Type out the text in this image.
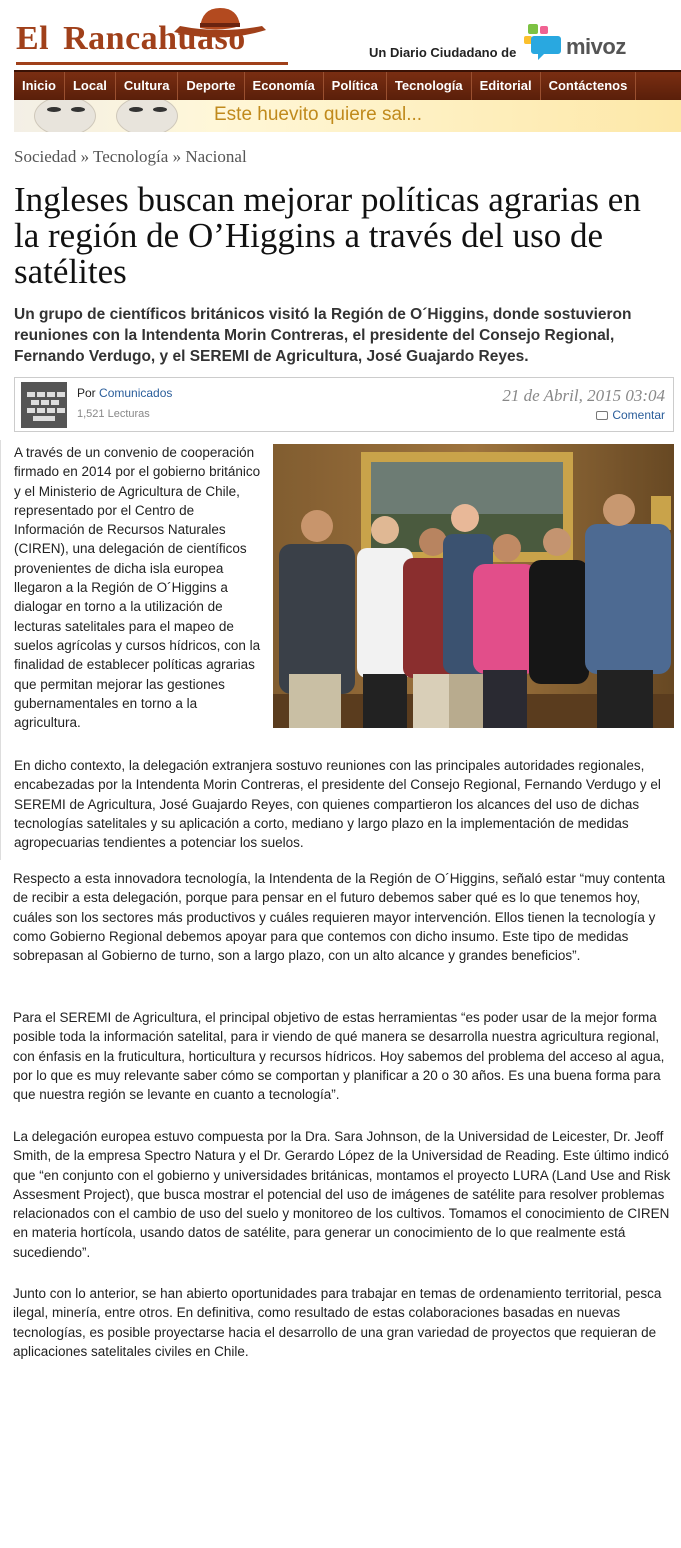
El Rancahuaso	Un Diario Ciudadano de mivoz
Inicio	Local	Cultura	Deporte	Economía	Política	Tecnología	Editorial	Contáctenos
Este huevito quiere sal...
Sociedad » Tecnología » Nacional
Ingleses buscan mejorar políticas agrarias en la región de O’Higgins a través del uso de satélites
Un grupo de científicos británicos visitó la Región de O´Higgins, donde sostuvieron reuniones con la Intendenta Morin Contreras, el presidente del Consejo Regional, Fernando Verdugo, y el SEREMI de Agricultura, José Guajardo Reyes.
Por Comunicados
1,521 Lecturas
21 de Abril, 2015 03:04
Comentar
A través de un convenio de cooperación firmado en 2014 por el gobierno británico y el Ministerio de Agricultura de Chile, representado por el Centro de Información de Recursos Naturales (CIREN), una delegación de científicos provenientes de dicha isla europea llegaron a la Región de O´Higgins a dialogar en torno a la utilización de lecturas satelitales para el mapeo de suelos agrícolas y cursos hídricos, con la finalidad de establecer políticas agrarias que permitan mejorar las gestiones gubernamentales en torno a la agricultura.
En dicho contexto, la delegación extranjera sostuvo reuniones con las principales autoridades regionales, encabezadas por la Intendenta Morin Contreras, el presidente del Consejo Regional, Fernando Verdugo y el SEREMI de Agricultura, José Guajardo Reyes, con quienes compartieron los alcances del uso de dichas tecnologías satelitales y su aplicación a corto, mediano y largo plazo en la implementación de medidas agropecuarias tendientes a potenciar los suelos.
Respecto a esta innovadora tecnología, la Intendenta de la Región de O´Higgins, señaló estar “muy contenta de recibir a esta delegación, porque para pensar en el futuro debemos saber qué es lo que tenemos hoy, cuáles son los sectores más productivos y cuáles requieren mayor intervención. Ellos tienen la tecnología y como Gobierno Regional debemos apoyar para que contemos con dicho insumo. Este tipo de medidas sobrepasan al Gobierno de turno, son a largo plazo, con un alto alcance y grandes beneficios”.
Para el SEREMI de Agricultura, el principal objetivo de estas herramientas “es poder usar de la mejor forma posible toda la información satelital, para ir viendo de qué manera se desarrolla nuestra agricultura regional, con énfasis en la fruticultura, horticultura y recursos hídricos. Hoy sabemos del problema del acceso al agua, por lo que es muy relevante saber cómo se comportan y planificar a 20 o 30 años. Es una buena forma para que nuestra región se levante en cuanto a tecnología”.
La delegación europea estuvo compuesta por la Dra. Sara Johnson, de la Universidad de Leicester, Dr. Jeoff Smith, de la empresa Spectro Natura y el Dr. Gerardo López de la Universidad de Reading. Este último indicó que “en conjunto con el gobierno y universidades británicas, montamos el proyecto LURA (Land Use and Risk Assesment Project), que busca mostrar el potencial del uso de imágenes de satélite para resolver problemas relacionados con el cambio de uso del suelo y monitoreo de los cultivos. Tomamos el conocimiento de CIREN en materia hortícola, usando datos de satélite, para generar un conocimiento de lo que realmente está sucediendo”.
Junto con lo anterior, se han abierto oportunidades para trabajar en temas de ordenamiento territorial, pesca ilegal, minería, entre otros. En definitiva, como resultado de estas colaboraciones basadas en nuevas tecnologías, es posible proyectarse hacia el desarrollo de una gran variedad de proyectos que requieran de aplicaciones satelitales civiles en Chile.
